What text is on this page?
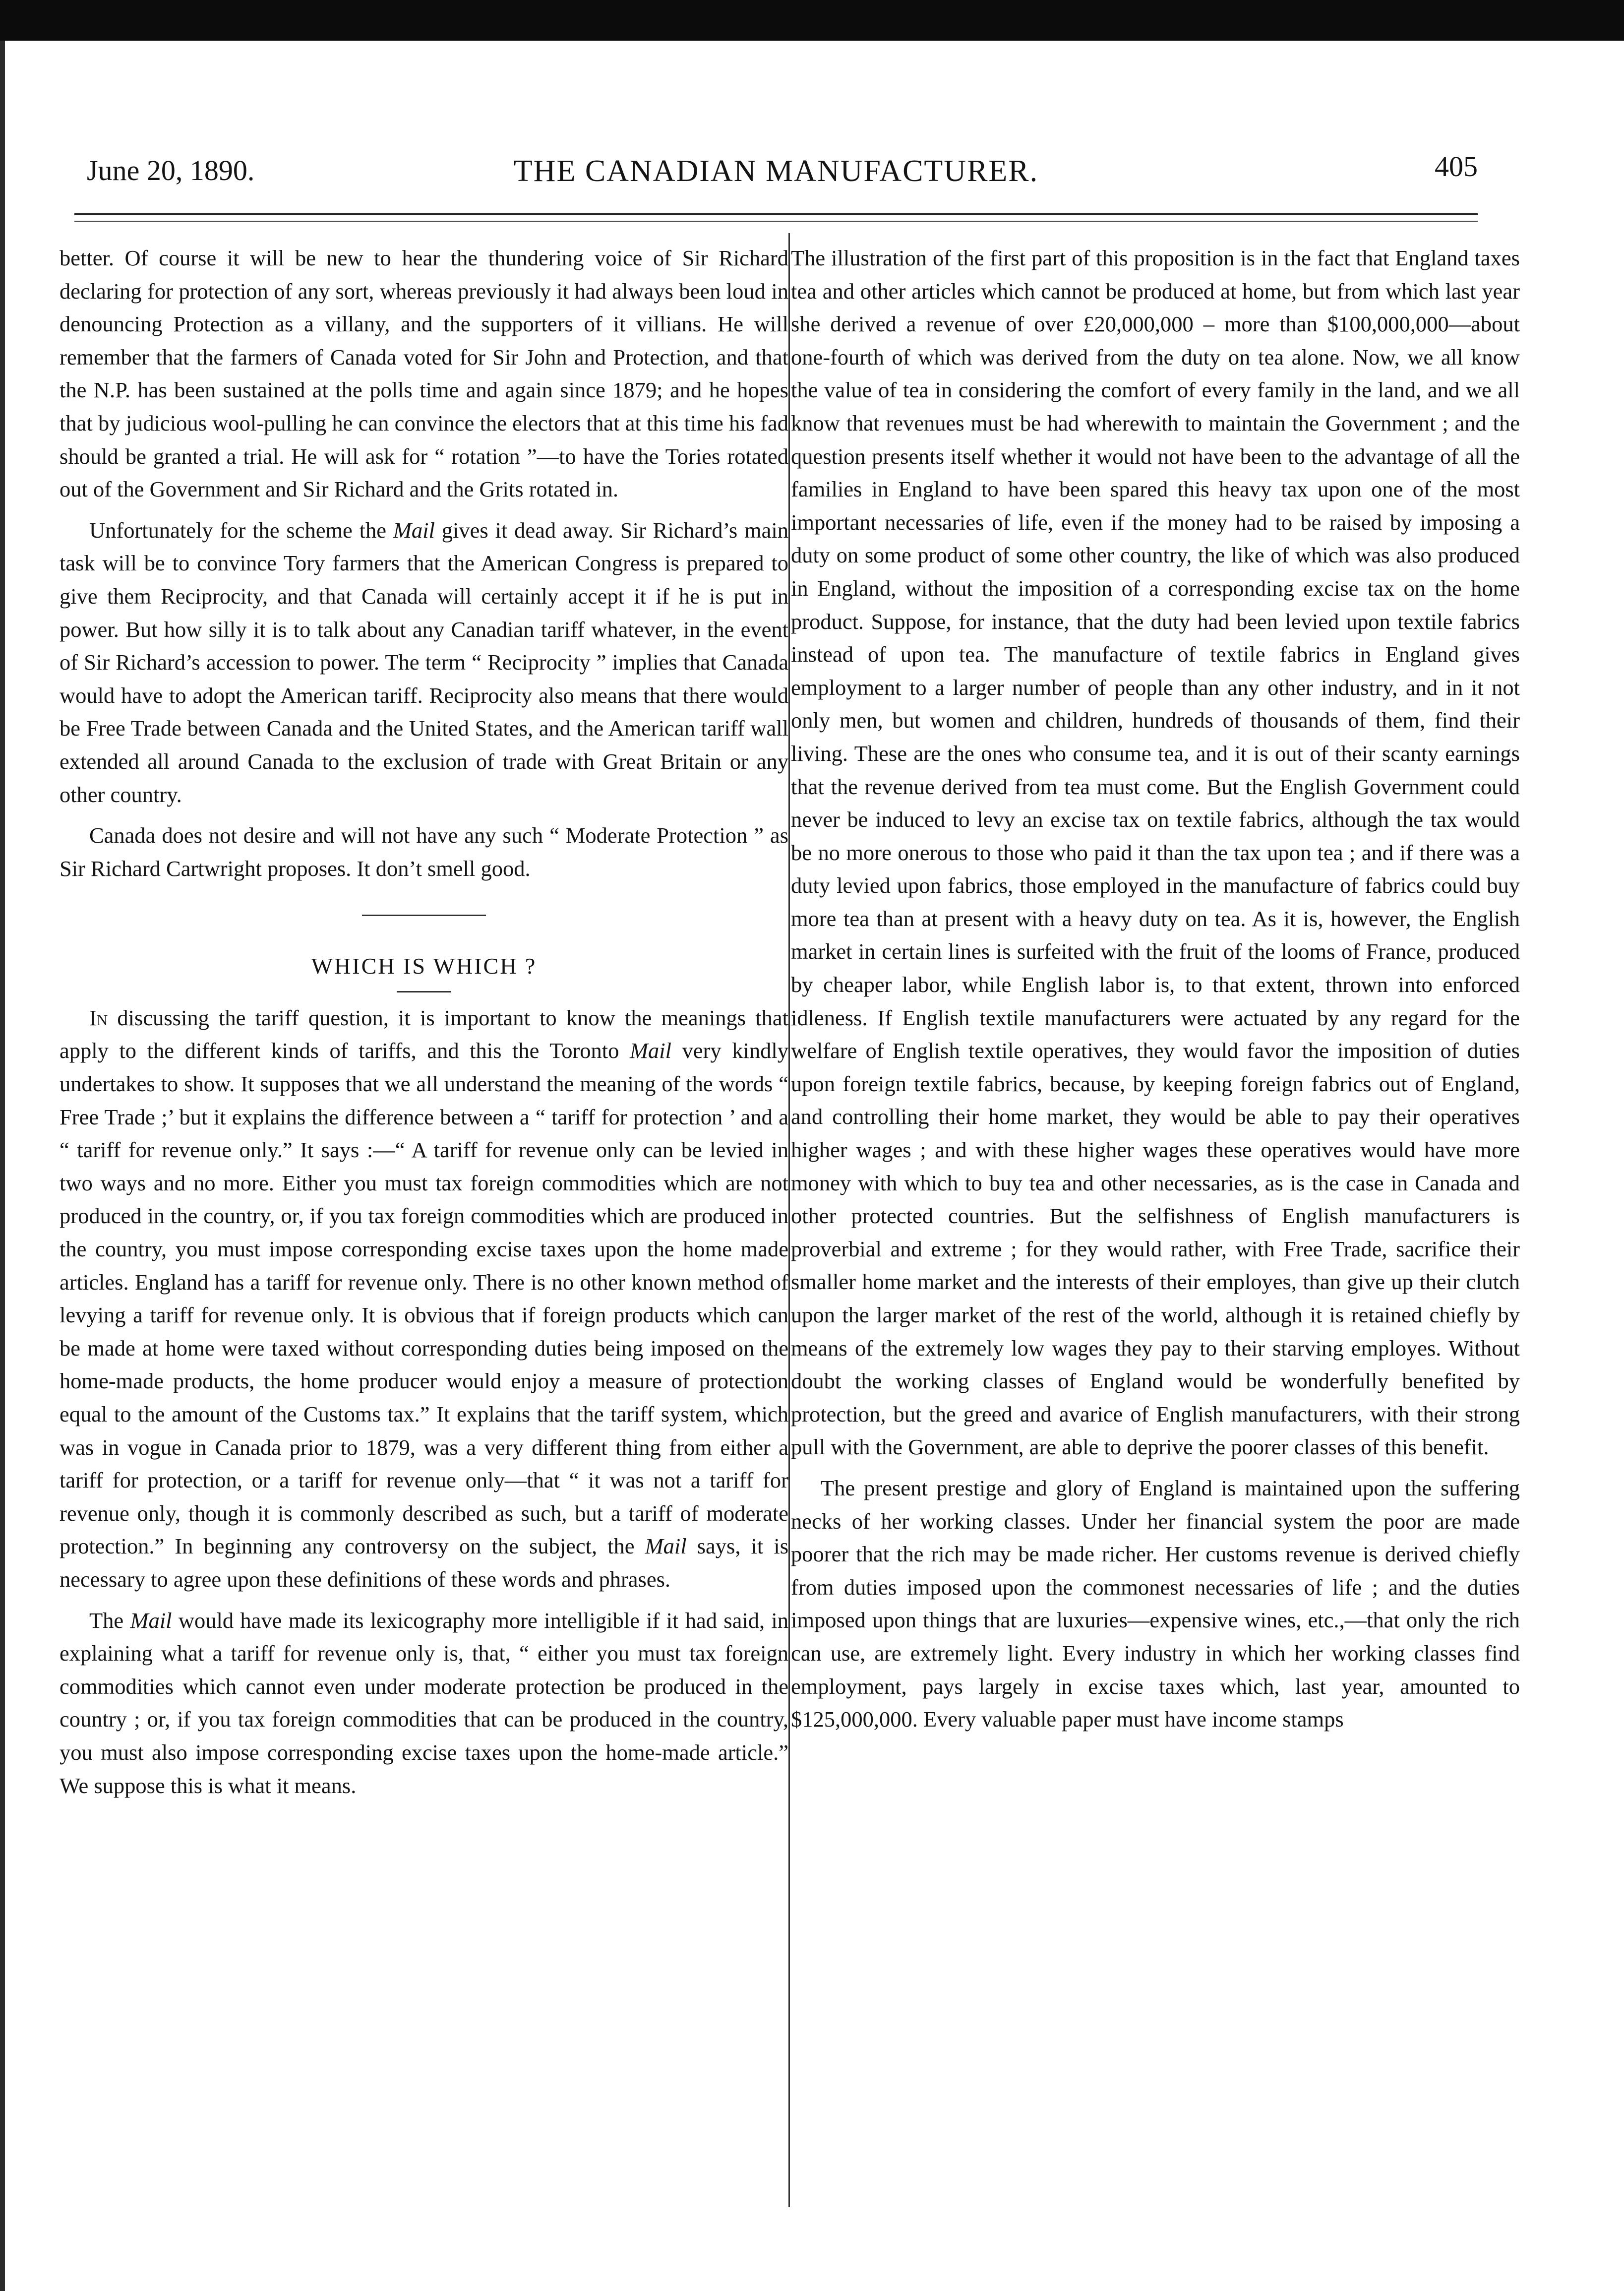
June 20, 1890.	THE CANADIAN MANUFACTURER.	405

better. Of course it will be new to hear the thundering voice of Sir Richard declaring for protection of any sort, whereas previously it had always been loud in denouncing Protection as a villany, and the supporters of it villians. He will remember that the farmers of Canada voted for Sir John and Protection, and that the N.P. has been sustained at the polls time and again since 1879; and he hopes that by judicious wool-pulling he can convince the electors that at this time his fad should be granted a trial. He will ask for “ rotation ”—to have the Tories rotated out of the Government and Sir Richard and the Grits rotated in.

Unfortunately for the scheme the Mail gives it dead away. Sir Richard’s main task will be to convince Tory farmers that the American Congress is prepared to give them Reciprocity, and that Canada will certainly accept it if he is put in power. But how silly it is to talk about any Canadian tariff whatever, in the event of Sir Richard’s accession to power. The term “ Reciprocity ” implies that Canada would have to adopt the American tariff. Reciprocity also means that there would be Free Trade between Canada and the United States, and the American tariff wall extended all around Canada to the exclusion of trade with Great Britain or any other country.

Canada does not desire and will not have any such “ Moderate Protection ” as Sir Richard Cartwright proposes. It don’t smell good.

WHICH IS WHICH ?

In discussing the tariff question, it is important to know the meanings that apply to the different kinds of tariffs, and this the Toronto Mail very kindly undertakes to show. It supposes that we all understand the meaning of the words “ Free Trade ;’ but it explains the difference between a “ tariff for protection ’ and a “ tariff for revenue only.” It says :—“ A tariff for revenue only can be levied in two ways and no more. Either you must tax foreign commodities which are not produced in the country, or, if you tax foreign commodities which are produced in the country, you must impose corresponding excise taxes upon the home made articles. England has a tariff for revenue only. There is no other known method of levying a tariff for revenue only. It is obvious that if foreign products which can be made at home were taxed without corresponding duties being imposed on the home-made products, the home producer would enjoy a measure of protection equal to the amount of the Customs tax.” It explains that the tariff system, which was in vogue in Canada prior to 1879, was a very different thing from either a tariff for protection, or a tariff for revenue only—that “ it was not a tariff for revenue only, though it is commonly described as such, but a tariff of moderate protection.” In beginning any controversy on the subject, the Mail says, it is necessary to agree upon these definitions of these words and phrases.

The Mail would have made its lexicography more intelligible if it had said, in explaining what a tariff for revenue only is, that, “ either you must tax foreign commodities which cannot even under moderate protection be produced in the country ; or, if you tax foreign commodities that can be produced in the country, you must also impose corresponding excise taxes upon the home-made article.” We suppose this is what it means.

The illustration of the first part of this proposition is in the fact that England taxes tea and other articles which cannot be produced at home, but from which last year she derived a revenue of over £20,000,000 – more than $100,000,000—about one-fourth of which was derived from the duty on tea alone. Now, we all know the value of tea in considering the comfort of every family in the land, and we all know that revenues must be had wherewith to maintain the Government ; and the question presents itself whether it would not have been to the advantage of all the families in England to have been spared this heavy tax upon one of the most important necessaries of life, even if the money had to be raised by imposing a duty on some product of some other country, the like of which was also produced in England, without the imposition of a corresponding excise tax on the home product. Suppose, for instance, that the duty had been levied upon textile fabrics instead of upon tea. The manufacture of textile fabrics in England gives employment to a larger number of people than any other industry, and in it not only men, but women and children, hundreds of thousands of them, find their living. These are the ones who consume tea, and it is out of their scanty earnings that the revenue derived from tea must come. But the English Government could never be induced to levy an excise tax on textile fabrics, although the tax would be no more onerous to those who paid it than the tax upon tea ; and if there was a duty levied upon fabrics, those employed in the manufacture of fabrics could buy more tea than at present with a heavy duty on tea. As it is, however, the English market in certain lines is surfeited with the fruit of the looms of France, produced by cheaper labor, while English labor is, to that extent, thrown into enforced idleness. If English textile manufacturers were actuated by any regard for the welfare of English textile operatives, they would favor the imposition of duties upon foreign textile fabrics, because, by keeping foreign fabrics out of England, and controlling their home market, they would be able to pay their operatives higher wages ; and with these higher wages these operatives would have more money with which to buy tea and other necessaries, as is the case in Canada and other protected countries. But the selfishness of English manufacturers is proverbial and extreme ; for they would rather, with Free Trade, sacrifice their smaller home market and the interests of their employes, than give up their clutch upon the larger market of the rest of the world, although it is retained chiefly by means of the extremely low wages they pay to their starving employes. Without doubt the working classes of England would be wonderfully benefited by protection, but the greed and avarice of English manufacturers, with their strong pull with the Government, are able to deprive the poorer classes of this benefit.

The present prestige and glory of England is maintained upon the suffering necks of her working classes. Under her financial system the poor are made poorer that the rich may be made richer. Her customs revenue is derived chiefly from duties imposed upon the commonest necessaries of life ; and the duties imposed upon things that are luxuries—expensive wines, etc.,—that only the rich can use, are extremely light. Every industry in which her working classes find employment, pays largely in excise taxes which, last year, amounted to $125,000,000. Every valuable paper must have income stamps
